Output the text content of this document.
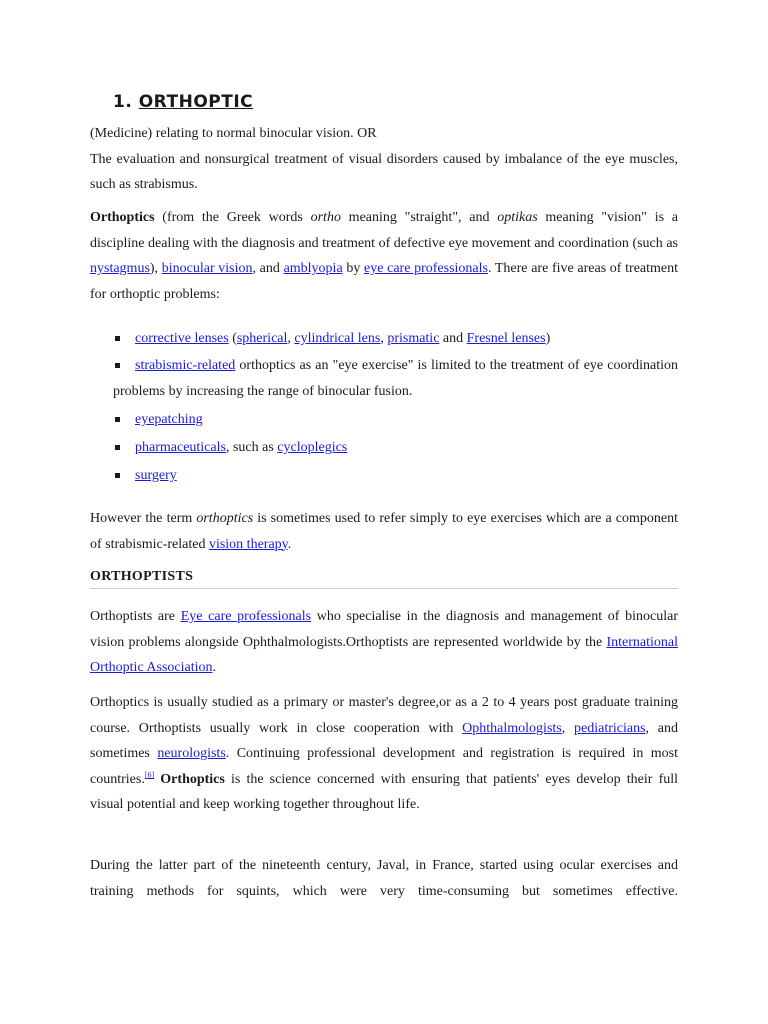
1. ORTHOPTIC

(Medicine) relating to normal binocular vision. OR

The evaluation and nonsurgical treatment of visual disorders caused by imbalance of the eye muscles, such as strabismus.

Orthoptics (from the Greek words ortho meaning "straight", and optikas meaning "vision" is a discipline dealing with the diagnosis and treatment of defective eye movement and coordination (such as nystagmus), binocular vision, and amblyopia by eye care professionals. There are five areas of treatment for orthoptic problems:

corrective lenses (spherical, cylindrical lens, prismatic and Fresnel lenses)
strabismic-related orthoptics as an "eye exercise" is limited to the treatment of eye coordination problems by increasing the range of binocular fusion.
eyepatching
pharmaceuticals, such as cycloplegics
surgery

However the term orthoptics is sometimes used to refer simply to eye exercises which are a component of strabismic-related vision therapy.

ORTHOPTISTS

Orthoptists are Eye care professionals who specialise in the diagnosis and management of binocular vision problems alongside Ophthalmologists.Orthoptists are represented worldwide by the International Orthoptic Association.

Orthoptics is usually studied as a primary or master's degree,or as a 2 to 4 years post graduate training course. Orthoptists usually work in close cooperation with Ophthalmologists, pediatricians, and sometimes neurologists. Continuing professional development and registration is required in most countries.[6] Orthoptics is the science concerned with ensuring that patients' eyes develop their full visual potential and keep working together throughout life.

During the latter part of the nineteenth century, Javal, in France, started using ocular exercises and training methods for squints, which were very time-consuming but sometimes effective.
